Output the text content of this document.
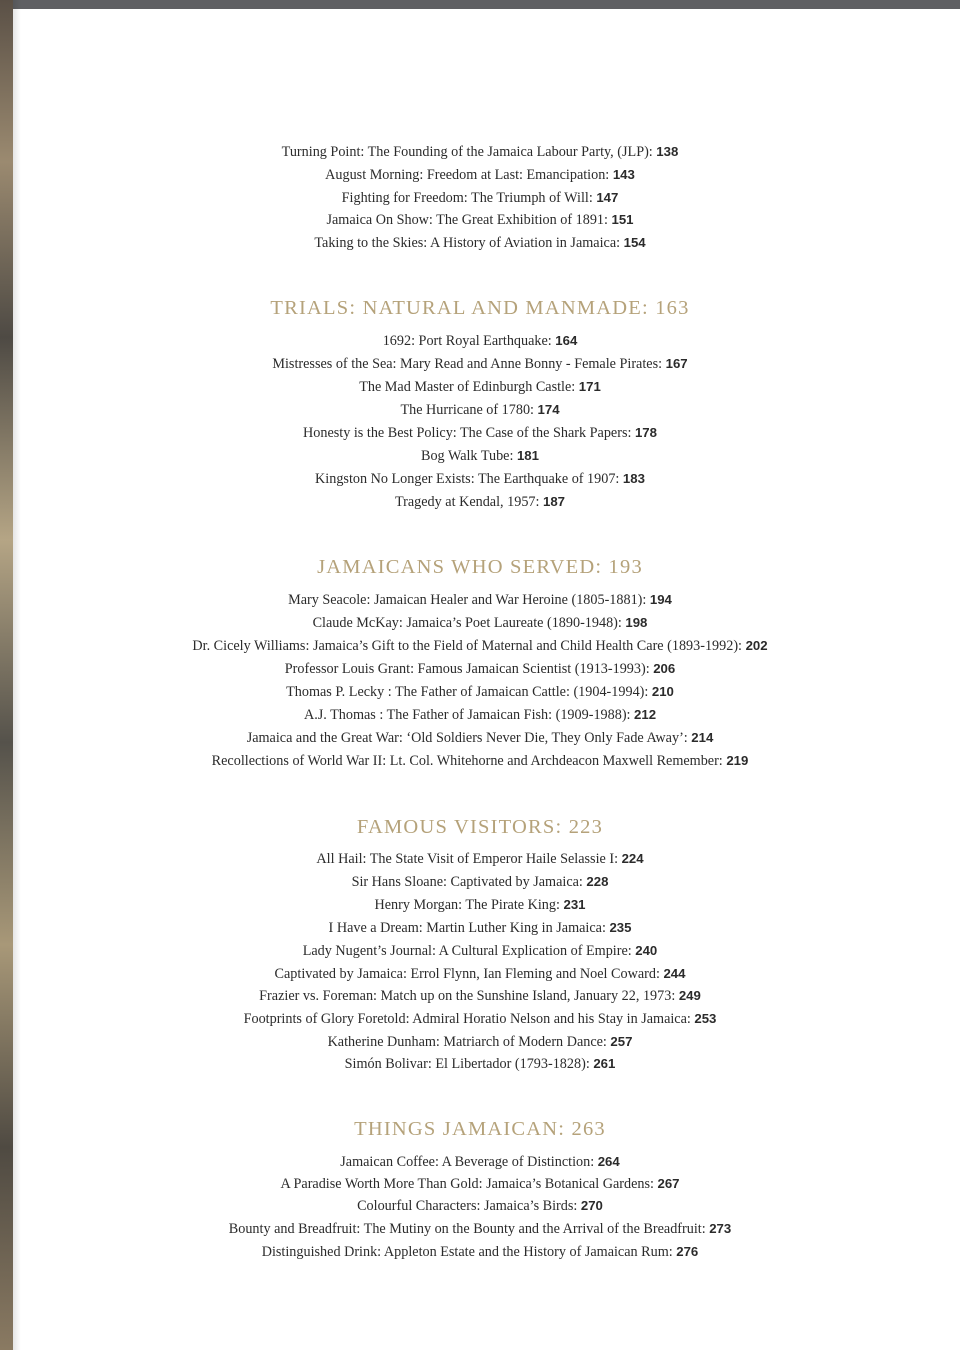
Turning Point: The Founding of the Jamaica Labour Party, (JLP): 138
August Morning: Freedom at Last: Emancipation: 143
Fighting for Freedom: The Triumph of Will: 147
Jamaica On Show: The Great Exhibition of 1891: 151
Taking to the Skies: A History of Aviation in Jamaica: 154
TRIALS: NATURAL AND MANMADE: 163
1692: Port Royal Earthquake: 164
Mistresses of the Sea: Mary Read and Anne Bonny - Female Pirates: 167
The Mad Master of Edinburgh Castle: 171
The Hurricane of 1780: 174
Honesty is the Best Policy: The Case of the Shark Papers: 178
Bog Walk Tube: 181
Kingston No Longer Exists: The Earthquake of 1907: 183
Tragedy at Kendal, 1957: 187
JAMAICANS WHO SERVED: 193
Mary Seacole: Jamaican Healer and War Heroine (1805-1881): 194
Claude McKay: Jamaica’s Poet Laureate (1890-1948): 198
Dr. Cicely Williams: Jamaica’s Gift to the Field of Maternal and Child Health Care (1893-1992): 202
Professor Louis Grant: Famous Jamaican Scientist (1913-1993): 206
Thomas P. Lecky : The Father of Jamaican Cattle: (1904-1994): 210
A.J. Thomas : The Father of Jamaican Fish: (1909-1988): 212
Jamaica and the Great War: ‘Old Soldiers Never Die, They Only Fade Away’: 214
Recollections of World War II: Lt. Col. Whitehorne and Archdeacon Maxwell Remember: 219
FAMOUS VISITORS: 223
All Hail: The State Visit of Emperor Haile Selassie I: 224
Sir Hans Sloane: Captivated by Jamaica: 228
Henry Morgan: The Pirate King: 231
I Have a Dream: Martin Luther King in Jamaica: 235
Lady Nugent’s Journal: A Cultural Explication of Empire: 240
Captivated by Jamaica: Errol Flynn, Ian Fleming and Noel Coward: 244
Frazier vs. Foreman: Match up on the Sunshine Island, January 22, 1973: 249
Footprints of Glory Foretold: Admiral Horatio Nelson and his Stay in Jamaica: 253
Katherine Dunham: Matriarch of Modern Dance: 257
Simón Bolivar: El Libertador (1793-1828): 261
THINGS JAMAICAN: 263
Jamaican Coffee: A Beverage of Distinction: 264
A Paradise Worth More Than Gold: Jamaica’s Botanical Gardens: 267
Colourful Characters: Jamaica’s Birds: 270
Bounty and Breadfruit: The Mutiny on the Bounty and the Arrival of the Breadfruit: 273
Distinguished Drink: Appleton Estate and the History of Jamaican Rum: 276
